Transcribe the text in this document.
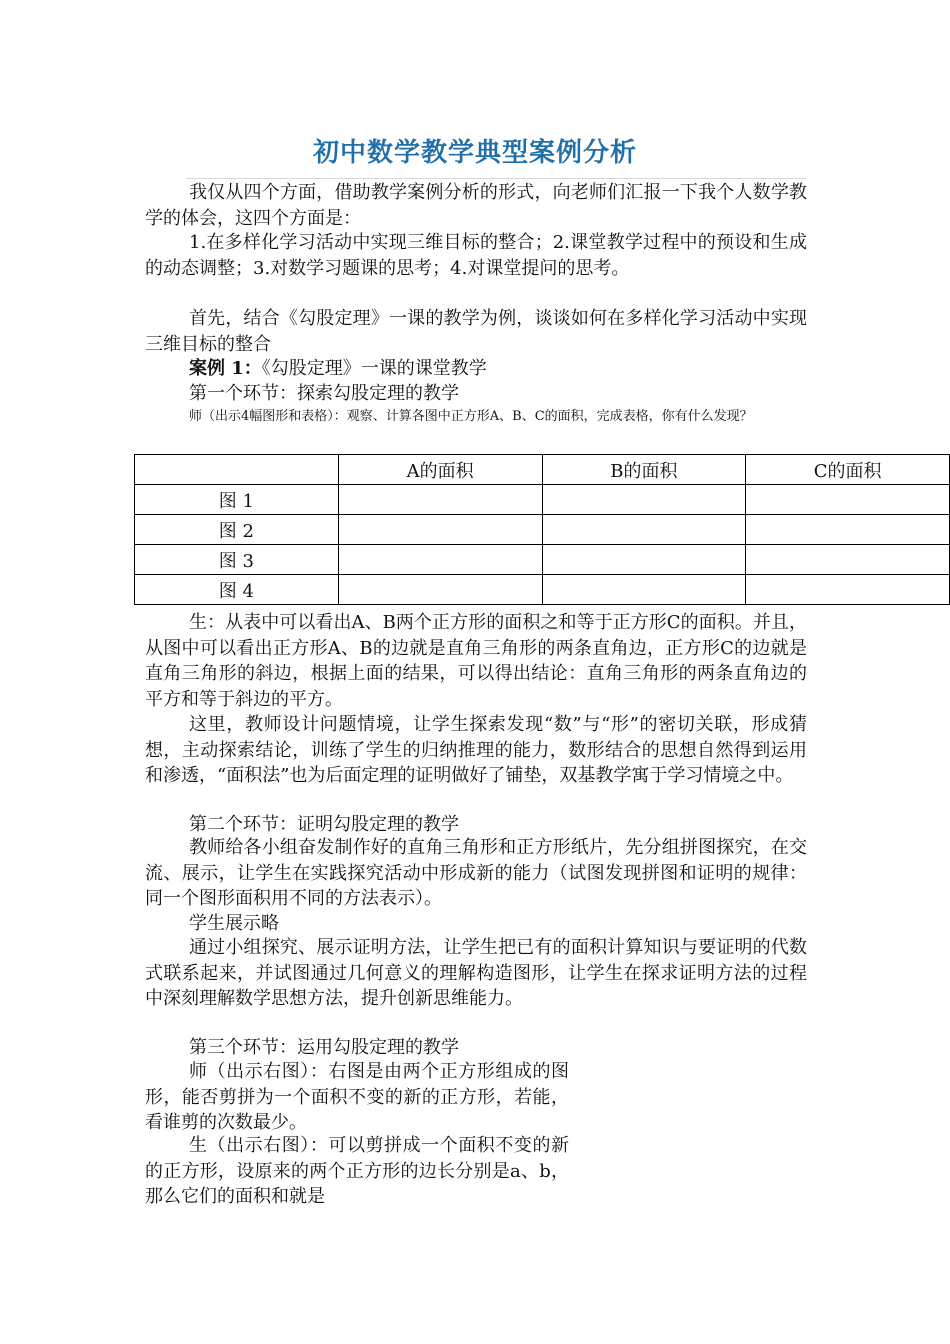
初中数学教学典型案例分析

我仅从四个方面，借助教学案例分析的形式，向老师们汇报一下我个人数学教学的体会，这四个方面是：

1.在多样化学习活动中实现三维目标的整合；2.课堂教学过程中的预设和生成的动态调整；3.对数学习题课的思考；4.对课堂提问的思考。

首先，结合《勾股定理》一课的教学为例，谈谈如何在多样化学习活动中实现三维目标的整合

案例 1：《勾股定理》一课的课堂教学

第一个环节：探索勾股定理的教学

师（出示4幅图形和表格）：观察、计算各图中正方形A、B、C的面积，完成表格，你有什么发现？

	A的面积	B的面积	C的面积
图 1			
图 2			
图 3			
图 4			

生：从表中可以看出A、B两个正方形的面积之和等于正方形C的面积。并且，从图中可以看出正方形A、B的边就是直角三角形的两条直角边，正方形C的边就是直角三角形的斜边，根据上面的结果，可以得出结论：直角三角形的两条直角边的平方和等于斜边的平方。

这里，教师设计问题情境，让学生探索发现“数”与“形”的密切关联，形成猜想，主动探索结论，训练了学生的归纳推理的能力，数形结合的思想自然得到运用和渗透，“面积法”也为后面定理的证明做好了铺垫，双基教学寓于学习情境之中。

第二个环节：证明勾股定理的教学

教师给各小组奋发制作好的直角三角形和正方形纸片，先分组拼图探究，在交流、展示，让学生在实践探究活动中形成新的能力（试图发现拼图和证明的规律：同一个图形面积用不同的方法表示）。

学生展示略

通过小组探究、展示证明方法，让学生把已有的面积计算知识与要证明的代数式联系起来，并试图通过几何意义的理解构造图形，让学生在探求证明方法的过程中深刻理解数学思想方法，提升创新思维能力。

第三个环节：运用勾股定理的教学

师（出示右图）：右图是由两个正方形组成的图形，能否剪拼为一个面积不变的新的正方形，若能，看谁剪的次数最少。

生（出示右图）：可以剪拼成一个面积不变的新的正方形，设原来的两个正方形的边长分别是a、b，那么它们的面积和就是
